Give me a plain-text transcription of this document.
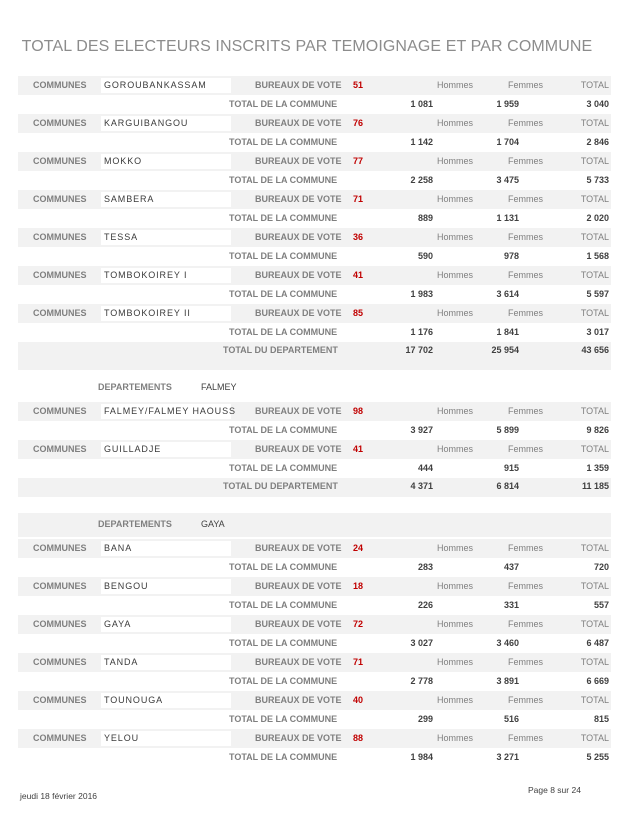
TOTAL DES ELECTEURS INSCRITS PAR TEMOIGNAGE ET PAR COMMUNE
COMMUNES GOROUBANKASSAM	BUREAUX DE VOTE 51	Hommes	Femmes	TOTAL
TOTAL DE LA COMMUNE	1 081	1 959	3 040
COMMUNES KARGUIBANGOU	BUREAUX DE VOTE 76	Hommes	Femmes	TOTAL
TOTAL DE LA COMMUNE	1 142	1 704	2 846
COMMUNES MOKKO	BUREAUX DE VOTE 77	Hommes	Femmes	TOTAL
TOTAL DE LA COMMUNE	2 258	3 475	5 733
COMMUNES SAMBERA	BUREAUX DE VOTE 71	Hommes	Femmes	TOTAL
TOTAL DE LA COMMUNE	889	1 131	2 020
COMMUNES TESSA	BUREAUX DE VOTE 36	Hommes	Femmes	TOTAL
TOTAL DE LA COMMUNE	590	978	1 568
COMMUNES TOMBOKOIREY I	BUREAUX DE VOTE 41	Hommes	Femmes	TOTAL
TOTAL DE LA COMMUNE	1 983	3 614	5 597
COMMUNES TOMBOKOIREY II	BUREAUX DE VOTE 85	Hommes	Femmes	TOTAL
TOTAL DE LA COMMUNE	1 176	1 841	3 017
TOTAL DU DEPARTEMENT	17 702	25 954	43 656
DEPARTEMENTS	FALMEY
COMMUNES FALMEY/FALMEY HAOUSS BUREAUX DE VOTE 98	Hommes	Femmes	TOTAL
TOTAL DE LA COMMUNE	3 927	5 899	9 826
COMMUNES GUILLADJE	BUREAUX DE VOTE 41	Hommes	Femmes	TOTAL
TOTAL DE LA COMMUNE	444	915	1 359
TOTAL DU DEPARTEMENT	4 371	6 814	11 185
DEPARTEMENTS	GAYA
COMMUNES BANA	BUREAUX DE VOTE 24	Hommes	Femmes	TOTAL
TOTAL DE LA COMMUNE	283	437	720
COMMUNES BENGOU	BUREAUX DE VOTE 18	Hommes	Femmes	TOTAL
TOTAL DE LA COMMUNE	226	331	557
COMMUNES GAYA	BUREAUX DE VOTE 72	Hommes	Femmes	TOTAL
TOTAL DE LA COMMUNE	3 027	3 460	6 487
COMMUNES TANDA	BUREAUX DE VOTE 71	Hommes	Femmes	TOTAL
TOTAL DE LA COMMUNE	2 778	3 891	6 669
COMMUNES TOUNOUGA	BUREAUX DE VOTE 40	Hommes	Femmes	TOTAL
TOTAL DE LA COMMUNE	299	516	815
COMMUNES YELOU	BUREAUX DE VOTE 88	Hommes	Femmes	TOTAL
TOTAL DE LA COMMUNE	1 984	3 271	5 255
jeudi 18 février 2016
Page 8 sur 24
